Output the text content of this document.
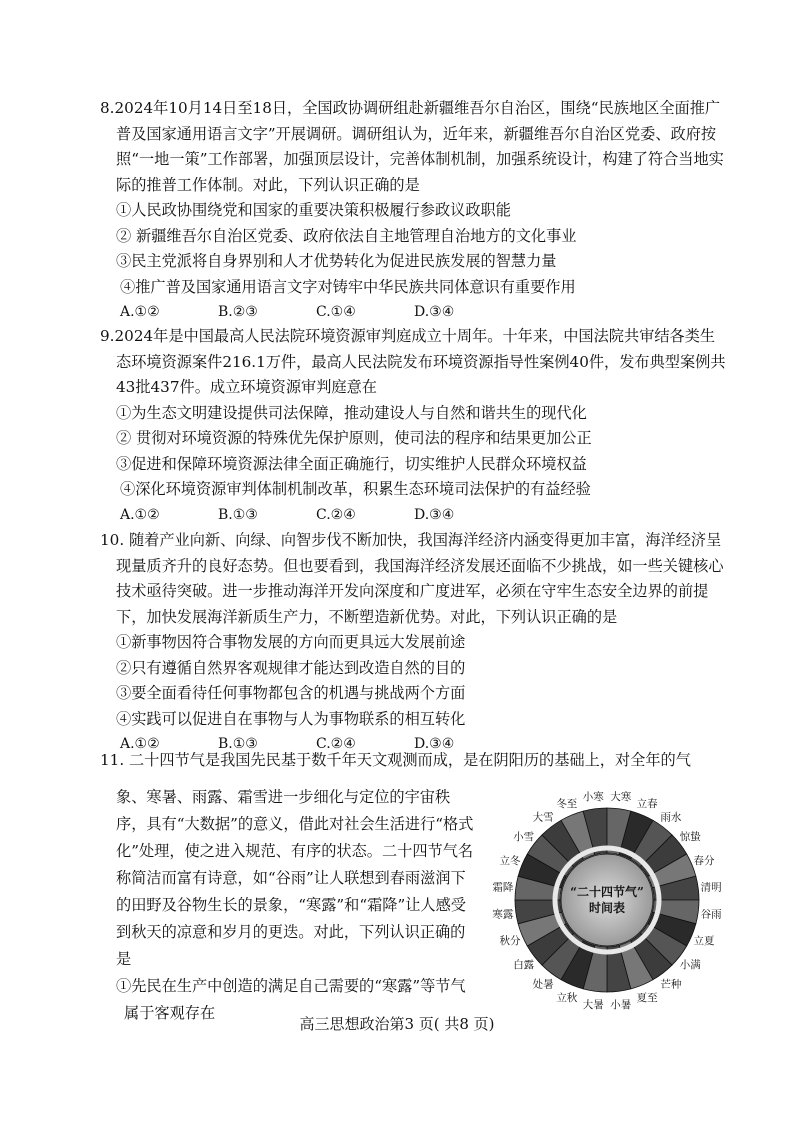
8.2024年10月14日至18日，全国政协调研组赴新疆维吾尔自治区，围绕“民族地区全面推广普及国家通用语言文字”开展调研。调研组认为，近年来，新疆维吾尔自治区党委、政府按照“一地一策”工作部署，加强顶层设计，完善体制机制，加强系统设计，构建了符合当地实际的推普工作体制。对此，下列认识正确的是

①人民政协围绕党和国家的重要决策积极履行参政议政职能

② 新疆维吾尔自治区党委、政府依法自主地管理自治地方的文化事业

③民主党派将自身界别和人才优势转化为促进民族发展的智慧力量

④推广普及国家通用语言文字对铸牢中华民族共同体意识有重要作用

A.①②	B.②③	C.①④	D.③④

9.2024年是中国最高人民法院环境资源审判庭成立十周年。十年来，中国法院共审结各类生态环境资源案件216.1万件，最高人民法院发布环境资源指导性案例40件，发布典型案例共43批437件。成立环境资源审判庭意在

①为生态文明建设提供司法保障，推动建设人与自然和谐共生的现代化

② 贯彻对环境资源的特殊优先保护原则，使司法的程序和结果更加公正

③促进和保障环境资源法律全面正确施行，切实维护人民群众环境权益

④深化环境资源审判体制机制改革，积累生态环境司法保护的有益经验

A.①②	B.①③	C.②④	D.③④

10. 随着产业向新、向绿、向智步伐不断加快，我国海洋经济内涵变得更加丰富，海洋经济呈现量质齐升的良好态势。但也要看到，我国海洋经济发展还面临不少挑战，如一些关键核心技术亟待突破。进一步推动海洋开发向深度和广度进军，必须在守牢生态安全边界的前提下，加快发展海洋新质生产力，不断塑造新优势。对此，下列认识正确的是

①新事物因符合事物发展的方向而更具远大发展前途

②只有遵循自然界客观规律才能达到改造自然的目的

③要全面看待任何事物都包含的机遇与挑战两个方面

④实践可以促进自在事物与人为事物联系的相互转化

A.①②	B.①③	C.②④	D.③④

11. 二十四节气是我国先民基于数千年天文观测而成，是在阴阳历的基础上，对全年的气

象、寒暑、雨露、霜雪进一步细化与定位的宇宙秩序，具有“大数据”的意义，借此对社会生活进行“格式化”处理，使之进入规范、有序的状态。二十四节气名称简洁而富有诗意，如“谷雨”让人联想到春雨滋润下的田野及谷物生长的景象，“寒露”和“霜降”让人感受到秋天的凉意和岁月的更迭。对此，下列认识正确的是

①先民在生产中创造的满足自己需要的“寒露”等节气属于客观存在

“二十四节气”
时间表
立春
雨水
惊蛰
春分
清明
谷雨
立夏
小满
芒种
夏至
小暑
大暑
立秋
处暑
白露
秋分
寒露
霜降
立冬
小雪
大雪
冬至
小寒 大寒
高三思想政治第3 页( 共8 页)
